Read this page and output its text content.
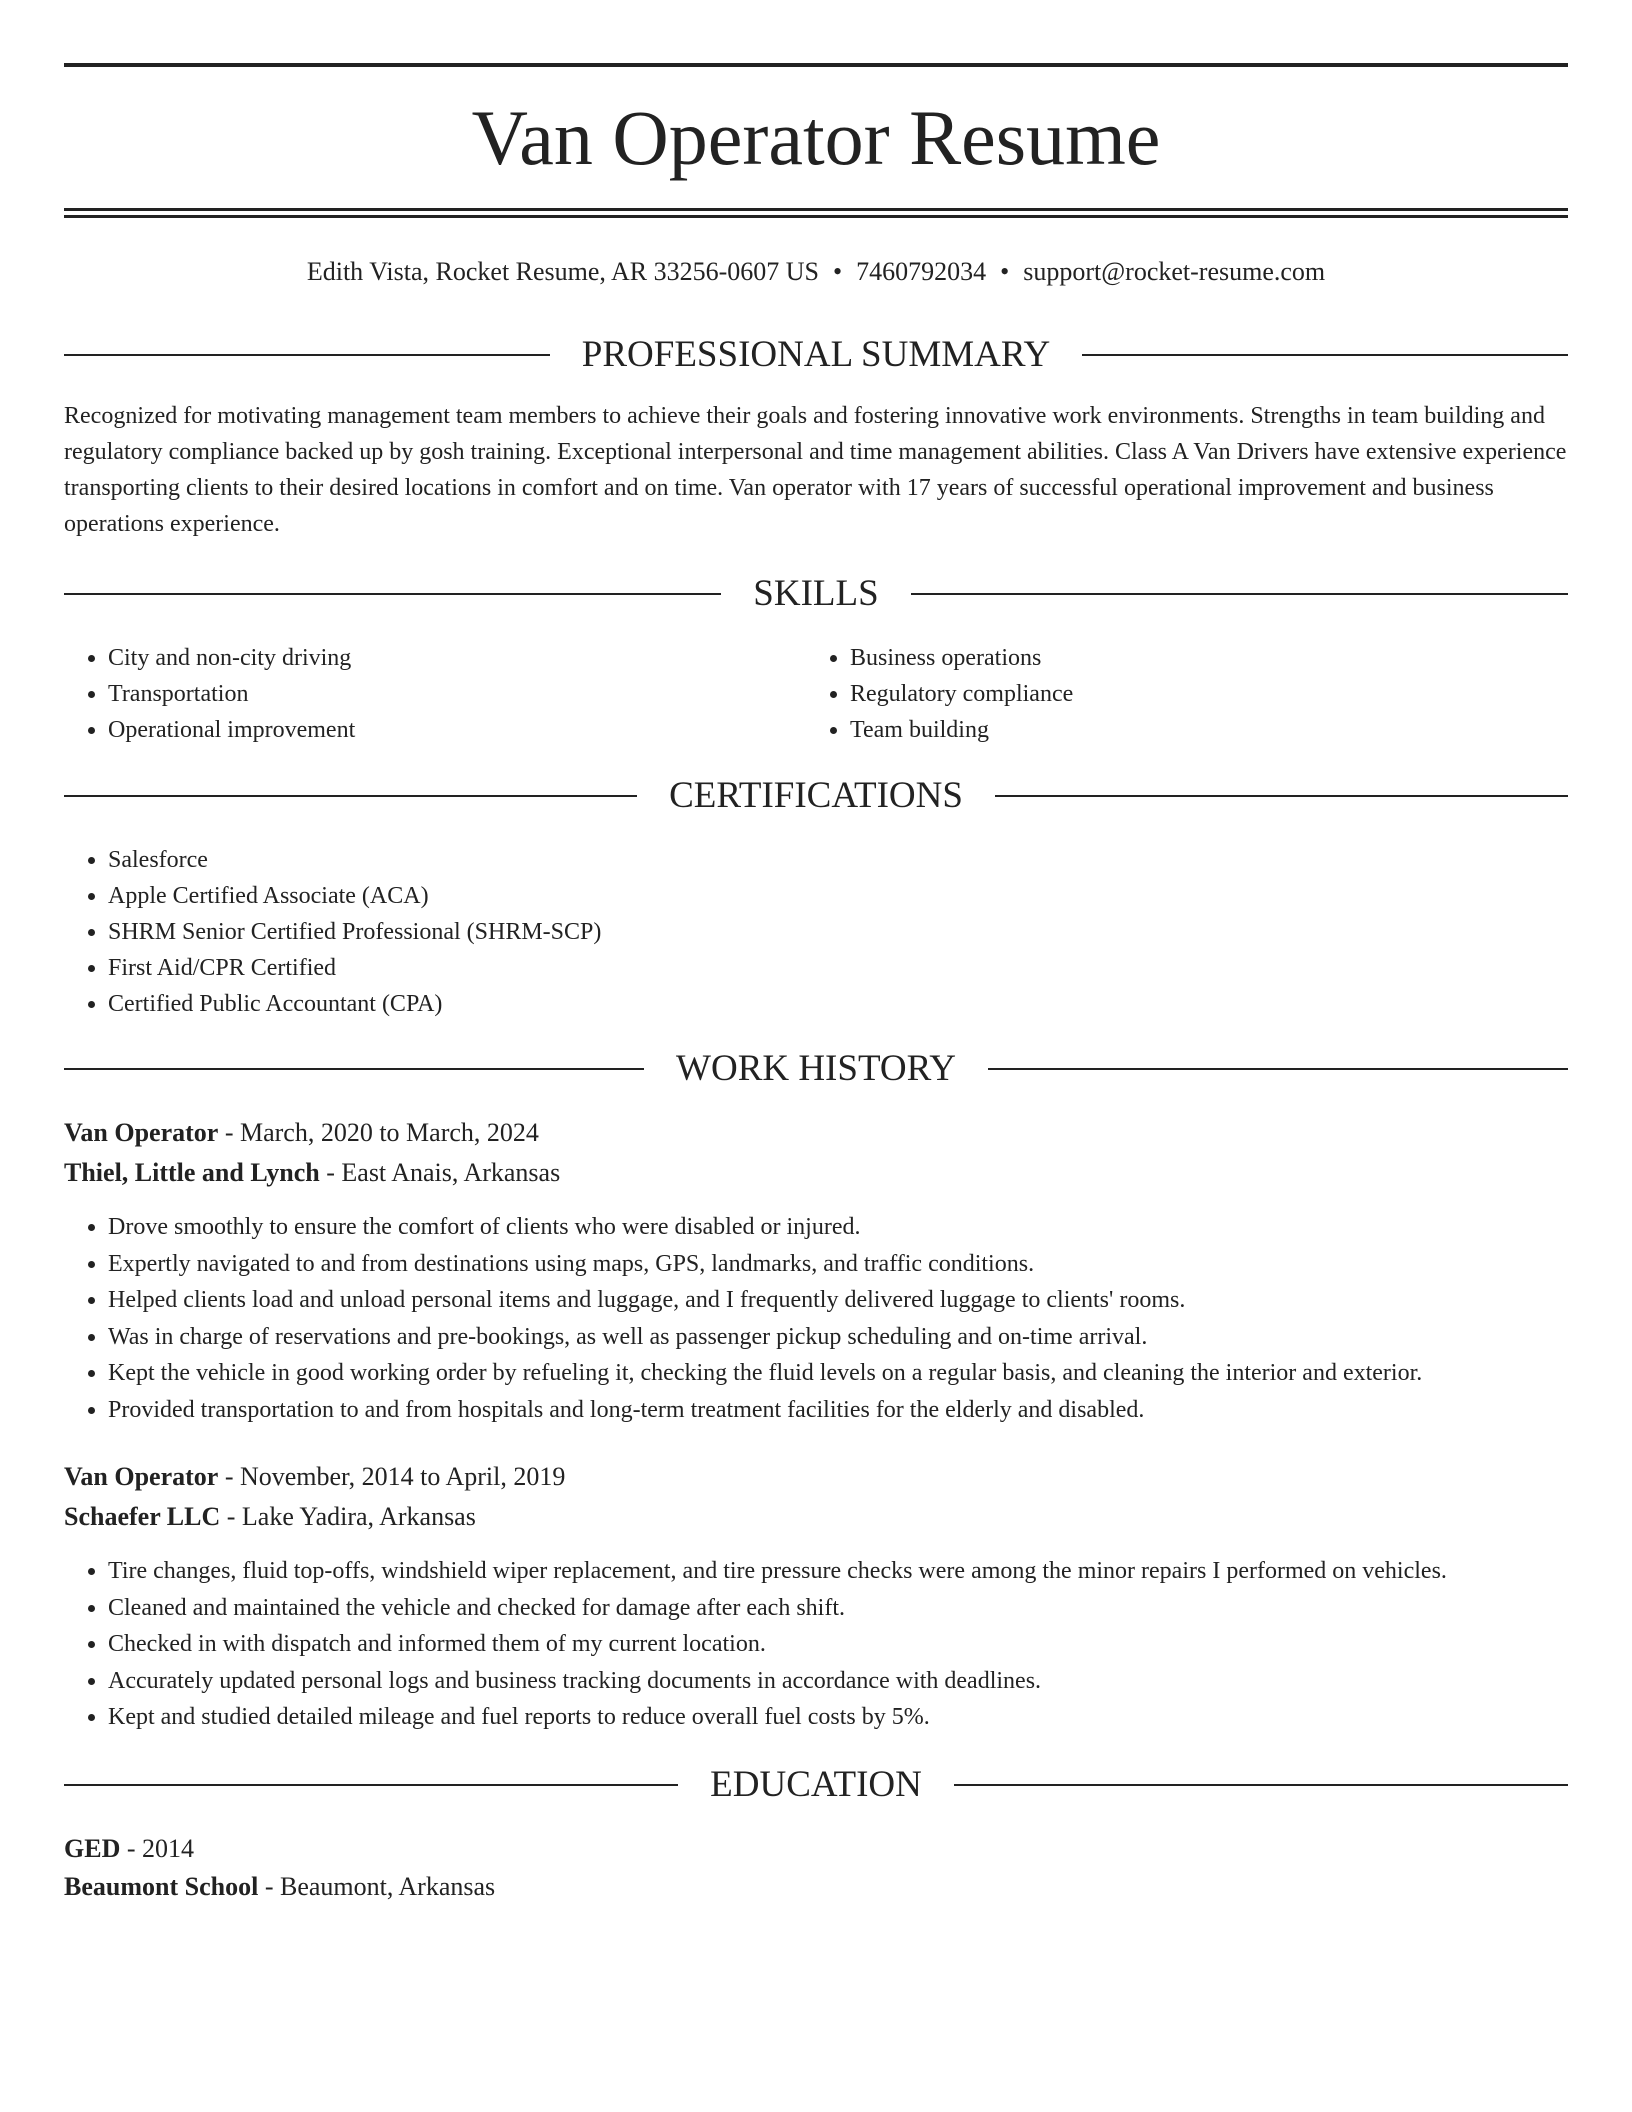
Van Operator Resume
Edith Vista, Rocket Resume, AR 33256-0607 US • 7460792034 • support@rocket-resume.com
PROFESSIONAL SUMMARY

Recognized for motivating management team members to achieve their goals and fostering innovative work environments. Strengths in team building and regulatory compliance backed up by gosh training. Exceptional interpersonal and time management abilities. Class A Van Drivers have extensive experience transporting clients to their desired locations in comfort and on time. Van operator with 17 years of successful operational improvement and business operations experience.

SKILLS
• City and non-city driving
• Transportation
• Operational improvement
• Business operations
• Regulatory compliance
• Team building
CERTIFICATIONS
• Salesforce
• Apple Certified Associate (ACA)
• SHRM Senior Certified Professional (SHRM-SCP)
• First Aid/CPR Certified
• Certified Public Accountant (CPA)
WORK HISTORY

Van Operator - March, 2020 to March, 2024

Thiel, Little and Lynch - East Anais, Arkansas

• Drove smoothly to ensure the comfort of clients who were disabled or injured.
• Expertly navigated to and from destinations using maps, GPS, landmarks, and traffic conditions.
• Helped clients load and unload personal items and luggage, and I frequently delivered luggage to clients' rooms.
• Was in charge of reservations and pre-bookings, as well as passenger pickup scheduling and on-time arrival.
• Kept the vehicle in good working order by refueling it, checking the fluid levels on a regular basis, and cleaning the interior and exterior.
• Provided transportation to and from hospitals and long-term treatment facilities for the elderly and disabled.

Van Operator - November, 2014 to April, 2019

Schaefer LLC - Lake Yadira, Arkansas

• Tire changes, fluid top-offs, windshield wiper replacement, and tire pressure checks were among the minor repairs I performed on vehicles.
• Cleaned and maintained the vehicle and checked for damage after each shift.
• Checked in with dispatch and informed them of my current location.
• Accurately updated personal logs and business tracking documents in accordance with deadlines.
• Kept and studied detailed mileage and fuel reports to reduce overall fuel costs by 5%.
EDUCATION

GED - 2014

Beaumont School - Beaumont, Arkansas
